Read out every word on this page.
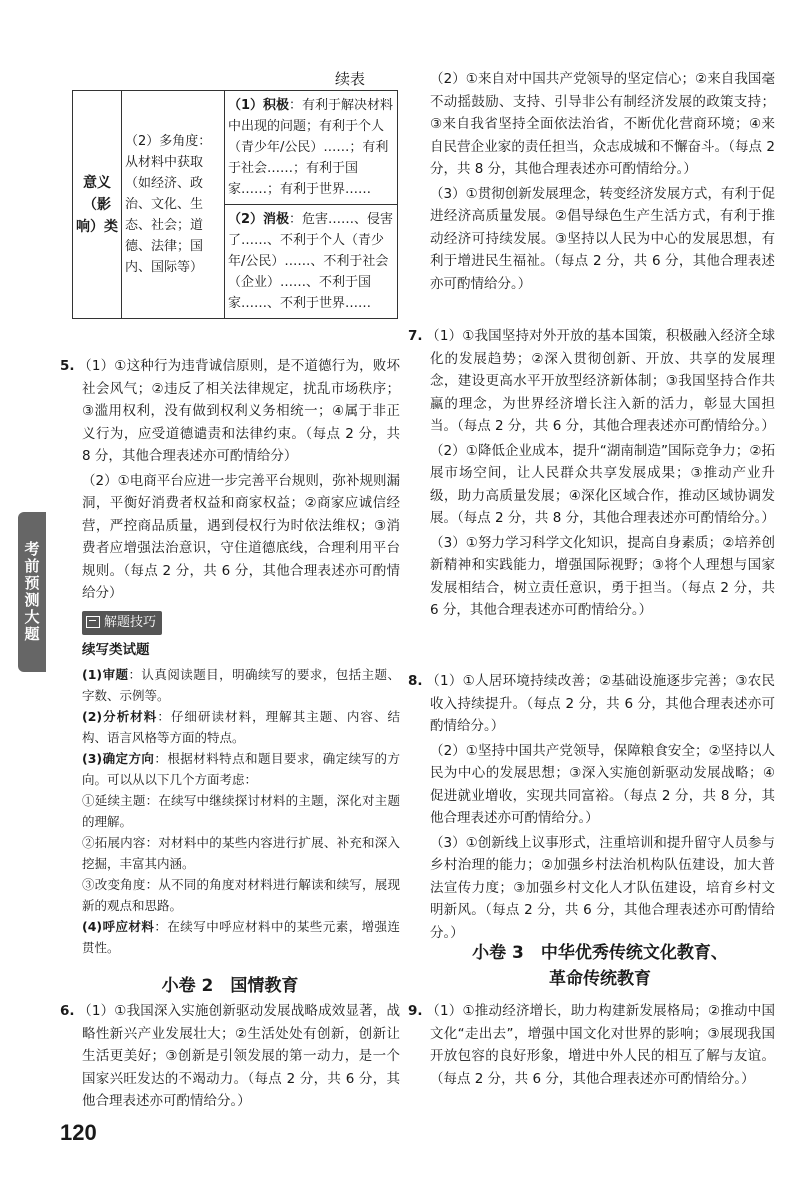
续表
意义（影响）类	（2）多角度：从材料中获取（如经济、政治、文化、生态、社会；道德、法律；国内、国际等）	（1）积极：有利于解决材料中出现的问题；有利于个人（青少年/公民）……；有利于社会……；有利于国家……；有利于世界……
（2）消极：危害……、侵害了……、不利于个人（青少年/公民）……、不利于社会（企业）……、不利于国家……、不利于世界……
5. （1）①这种行为违背诚信原则，是不道德行为，败坏社会风气；②违反了相关法律规定，扰乱市场秩序；③滥用权利，没有做到权利义务相统一；④属于非正义行为，应受道德谴责和法律约束。（每点 2 分，共 8 分，其他合理表述亦可酌情给分）
（2）①电商平台应进一步完善平台规则，弥补规则漏洞，平衡好消费者权益和商家权益；②商家应诚信经营，严控商品质量，遇到侵权行为时依法维权；③消费者应增强法治意识，守住道德底线，合理利用平台规则。（每点 2 分，共 6 分，其他合理表述亦可酌情给分）
解题技巧
续写类试题
(1)审题：认真阅读题目，明确续写的要求，包括主题、字数、示例等。
(2)分析材料：仔细研读材料，理解其主题、内容、结构、语言风格等方面的特点。
(3)确定方向：根据材料特点和题目要求，确定续写的方向。可以从以下几个方面考虑：
①延续主题：在续写中继续探讨材料的主题，深化对主题的理解。
②拓展内容：对材料中的某些内容进行扩展、补充和深入挖掘，丰富其内涵。
③改变角度：从不同的角度对材料进行解读和续写，展现新的观点和思路。
(4)呼应材料：在续写中呼应材料中的某些元素，增强连贯性。
小卷 2　国情教育
6. （1）①我国深入实施创新驱动发展战略成效显著，战略性新兴产业发展壮大；②生活处处有创新，创新让生活更美好；③创新是引领发展的第一动力，是一个国家兴旺发达的不竭动力。（每点 2 分，共 6 分，其他合理表述亦可酌情给分。）
（2）①来自对中国共产党领导的坚定信心；②来自我国毫不动摇鼓励、支持、引导非公有制经济发展的政策支持；③来自我省坚持全面依法治省，不断优化营商环境；④来自民营企业家的责任担当，众志成城和不懈奋斗。（每点 2 分，共 8 分，其他合理表述亦可酌情给分。）
（3）①贯彻创新发展理念，转变经济发展方式，有利于促进经济高质量发展。②倡导绿色生产生活方式，有利于推动经济可持续发展。③坚持以人民为中心的发展思想，有利于增进民生福祉。（每点 2 分，共 6 分，其他合理表述亦可酌情给分。）
7. （1）①我国坚持对外开放的基本国策，积极融入经济全球化的发展趋势；②深入贯彻创新、开放、共享的发展理念，建设更高水平开放型经济新体制；③我国坚持合作共赢的理念，为世界经济增长注入新的活力，彰显大国担当。（每点 2 分，共 6 分，其他合理表述亦可酌情给分。）
（2）①降低企业成本，提升“湖南制造”国际竞争力；②拓展市场空间，让人民群众共享发展成果；③推动产业升级，助力高质量发展；④深化区域合作，推动区域协调发展。（每点 2 分，共 8 分，其他合理表述亦可酌情给分。）
（3）①努力学习科学文化知识，提高自身素质；②培养创新精神和实践能力，增强国际视野；③将个人理想与国家发展相结合，树立责任意识，勇于担当。（每点 2 分，共 6 分，其他合理表述亦可酌情给分。）
8. （1）①人居环境持续改善；②基础设施逐步完善；③农民收入持续提升。（每点 2 分，共 6 分，其他合理表述亦可酌情给分。）
（2）①坚持中国共产党领导，保障粮食安全；②坚持以人民为中心的发展思想；③深入实施创新驱动发展战略；④促进就业增收，实现共同富裕。（每点 2 分，共 8 分，其他合理表述亦可酌情给分。）
（3）①创新线上议事形式，注重培训和提升留守人员参与乡村治理的能力；②加强乡村法治机构队伍建设，加大普法宣传力度；③加强乡村文化人才队伍建设，培育乡村文明新风。（每点 2 分，共 6 分，其他合理表述亦可酌情给分。）
小卷 3　中华优秀传统文化教育、
革命传统教育
9. （1）①推动经济增长，助力构建新发展格局；②推动中国文化“走出去”，增强中国文化对世界的影响；③展现我国开放包容的良好形象，增进中外人民的相互了解与友谊。（每点 2 分，共 6 分，其他合理表述亦可酌情给分。）
考前预测大题
120
